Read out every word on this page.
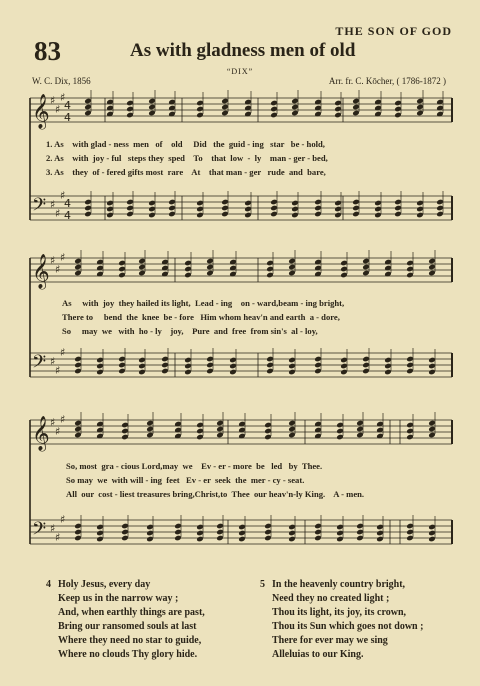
THE SON OF GOD
83	As with gladness men of old
“DIX”
W. C. Dix, 1856	Arr. fr. C. Kōcher, ( 1786-1872 )
𝄞
𝄢
♯
♯
♯
♯
♯
♯
4
4
4
4
𝄞
𝄢
♯
♯
♯
♯
♯
♯
𝄞
𝄢
♯
♯
♯
♯
♯
♯
1. As    with glad - ness  men   of    old     Did   the  guid - ing   star   be - hold,
2. As    with  joy - ful   steps they  sped    To    that  low  -  ly    man - ger - bed,
3. As    they  of - fered gifts most  rare    At    that man - ger   rude  and  bare,
As     with  joy  they hailed its light,  Lead - ing    on - ward,beam - ing bright,
There to     bend  the  knee  be - fore   Him whom heav'n and earth  a - dore,
So     may  we   with  ho - ly    joy,    Pure  and  free  from sin's  al - loy,
So, most  gra - cious Lord,may  we    Ev - er - more  be   led   by  Thee.
So may  we  with will - ing  feet   Ev - er  seek  the  mer - cy - seat.
All  our  cost - liest treasures bring,Christ,to  Thee  our heav'n-ly King.    A - men.
4 Holy Jesus, every day
Keep us in the narrow way ;
And, when earthly things are past,
Bring our ransomed souls at last
Where they need no star to guide,
Where no clouds Thy glory hide.
5 In the heavenly country bright,
Need they no created light ;
Thou its light, its joy, its crown,
Thou its Sun which goes not down ;
There for ever may we sing
Alleluias to our King.
